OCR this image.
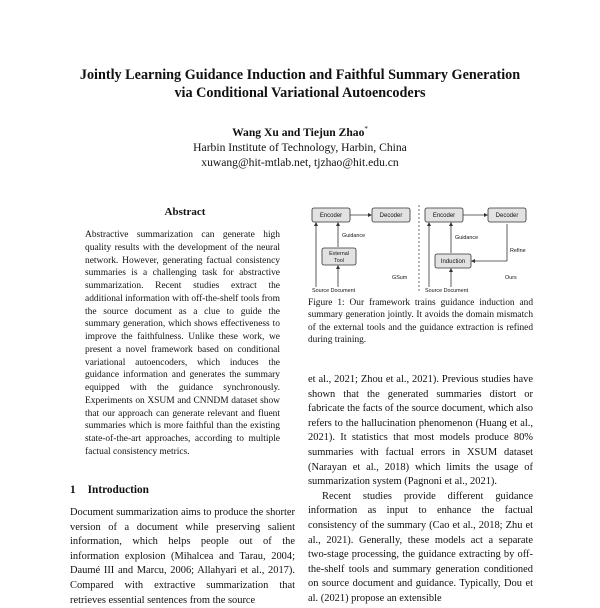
Jointly Learning Guidance Induction and Faithful Summary Generation
via Conditional Variational Autoencoders
Wang Xu and Tiejun Zhao*
Harbin Institute of Technology, Harbin, China
xuwang@hit-mtlab.net, tjzhao@hit.edu.cn
Abstract

Abstractive summarization can generate high quality results with the development of the neural network. However, generating factual consistency summaries is a challenging task for abstractive summarization. Recent studies extract the additional information with off-the-shelf tools from the source document as a clue to guide the summary generation, which shows effectiveness to improve the faithfulness. Unlike these work, we present a novel framework based on conditional variational autoencoders, which induces the guidance information and generates the summary equipped with the guidance synchronously. Experiments on XSUM and CNNDM dataset show that our approach can generate relevant and fluent summaries which is more faithful than the existing state-of-the-art approaches, according to multiple factual consistency metrics.

1 Introduction

Document summarization aims to produce the shorter version of a document while preserving salient information, which helps people out of the information explosion (Mihalcea and Tarau, 2004; Daumé III and Marcu, 2006; Allahyari et al., 2017). Compared with extractive summarization that retrieves essential sentences from the source

Encoder	Decoder
Guidance
External
Tool
GSum
Source Document
Encoder	Decoder
Guidance
Induction
Refine
Ours
Source Document
Figure 1: Our framework trains guidance induction and summary generation jointly. It avoids the domain mismatch of the external tools and the guidance extraction is refined during training.

et al., 2021; Zhou et al., 2021). Previous studies have shown that the generated summaries distort or fabricate the facts of the source document, which also refers to the hallucination phenomenon (Huang et al., 2021). It statistics that most models produce 80% summaries with factual errors in XSUM dataset (Narayan et al., 2018) which limits the usage of summarization system (Pagnoni et al., 2021).

Recent studies provide different guidance information as input to enhance the factual consistency of the summary (Cao et al., 2018; Zhu et al., 2021). Generally, these models act a separate two-stage processing, the guidance extracting by off-the-shelf tools and summary generation conditioned on source document and guidance. Typically, Dou et al. (2021) propose an extensible
